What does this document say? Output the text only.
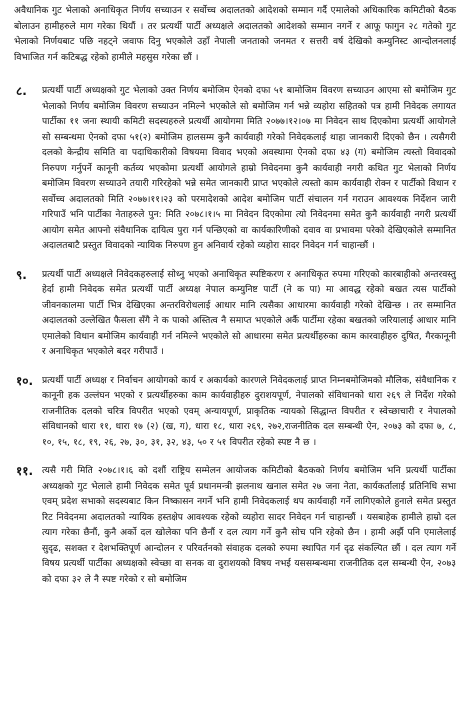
अवैधानिक गुट भेलाको अनाधिकृत निर्णय सच्याउन र सर्वोच्च अदालतको आदेशको सम्मान गर्दै एमालेको अधिकारिक कमिटीको बैठक बोलाउन हामीहरुले माग गरेका थियौं । तर प्रत्यर्थी पार्टी अध्यक्षले अदालतको आदेशको सम्मान नगर्ने र आफू फागुन २८ गतेको गुट भेलाको निर्णयबाट पछि नहट्ने जवाफ दिनु भएकोले उहाँ नेपाली जनताको जनमत र सत्तरी वर्ष देखिको कम्युनिस्ट आन्दोलनलाई विभाजित गर्न कटिबद्ध रहेको हामीले महसुस गरेका छौं ।

८.	प्रत्यर्थी पार्टी अध्यक्षको गुट भेलाको उक्त निर्णय बमोजिम ऐनको दफा ५१ बामोजिम विवरण सच्याउन आएमा सो बमोजिम गुट भेलाको निर्णय बमोजिम विवरण सच्याउन नमिल्ने भएकोले सो बमोजिम गर्न भन्ने व्यहोरा सहितको पत्र हामी निवेदक लगायत पार्टीका ११ जना स्थायी कमिटी सदस्यहरुले प्रत्यर्थी आयोगमा मिति २०७७।१२।०७ मा निवेदन साथ दिएकोमा प्रत्यर्थी आयोगले सो सम्बन्धमा ऐनको दफा ५१(२) बमोजिम हालसम्म कुनै कार्यवाही गरेको निवेदकलाई थाहा जानकारी दिएको छैन । त्यसैगरी दलको केन्द्रीय समिति वा पदाधिकारीको विषयमा विवाद भएको अवस्थामा ऐनको दफा ४३ (ग) बमोजिम त्यस्तो विवादको निरुपण गर्नुपर्ने कानूनी कर्तव्य भएकोमा प्रत्यर्थी आयोगले हाम्रो निवेदनमा कुनै कार्यवाही नगरी कथित गुट भेलाको निर्णय बमोजिम विवरण सच्याउने तयारी गरिरहेको भन्ने समेत जानकारी प्राप्त भएकोले त्यस्तो काम कार्यवाही रोक्न र पार्टीको विधान र सर्वोच्च अदालतको मिति २०७७।११।२३ को परमादेशको आदेश बमोजिम पार्टी संचालन गर्न गराउन आवश्यक निर्देशन जारी गरिपाउँ भनि पार्टीका नेताहरुले पुन: मिति २०७८।१।५ मा निवेदन दिएकोमा त्यो निवेदनमा समेत कुनै कार्यवाही नगरी प्रत्यर्थी आयोग समेत आफ्नो संवैधानिक दायित्व पुरा गर्न पन्छिएको वा कार्यकारिणीको दवाव वा प्रभावमा परेको देखिएकोले सम्मानित अदालतबाटै प्रस्तुत विवादको न्यायिक निरुपण हुन अनिवार्य रहेको व्यहोरा सादर निवेदन गर्न चाहान्छौं ।
९.	प्रत्यर्थी पार्टी अध्यक्षले निवेदकहरुलाई सोध्नु भएको अनाधिकृत स्पष्टिकरण र अनाधिकृत रुपमा गरिएको कारबाहीको अन्तरवस्तु हेर्दा हामी निवेदक समेत प्रत्यर्थी पार्टी अध्यक्ष नेपाल कम्युनिष्ट पार्टी (ने क पा) मा आवद्ध रहेको बखत त्यस पार्टीको जीवनकालमा पार्टी भित्र देखिएका अन्तरविरोधलाई आधार मानि त्यसैका आधारमा कार्यवाही गरेको देखिन्छ । तर सम्मानित अदालतको उल्लेखित फैसला सँगै ने क पाको अस्तित्व नै समाप्त भएकोले अर्कै पार्टीमा रहेका बखतको जरियालाई आधार मानि एमालेको विधान बमोजिम कार्यवाही गर्न नमिल्ने भएकोले सो आधारमा समेत प्रत्यर्थीहरुका काम कारवाहीहरु दुषित, गैरकानूनी र अनाधिकृत भएकोले बदर गरीपाउँ ।
१०. प्रत्यर्थी पार्टी अध्यक्ष र निर्वाचन आयोगको कार्य र अकार्यको कारणले निवेदकलाई प्राप्त निम्नबमोजिमको मौलिक, संवैधानिक र कानूनी हक उल्लंघन भएको र प्रत्यर्थीहरुका काम कार्यवाहीहरु दुराशयपूर्ण, नेपालको संविधानको धारा २६९ ले निर्देश गरेको राजनीतिक दलको चरित्र विपरीत भएको एवम् अन्यायपूर्ण, प्राकृतिक न्यायको सिद्धान्त विपरीत र स्वेच्छाचारी र नेपालको संविधानको धारा ११, धारा १७ (२) (ख, ग), धारा १८, धारा २६९, २७२,राजनीतिक दल सम्बन्धी ऐन, २०७३ को दफा ७, ८, १०, १५, १८, १९, २६, २७, ३०, ३१, ३२, ४३, ५० र ५१ विपरीत रहेको स्पष्ट नै छ ।
११. त्यसै गरी मिति २०७८।१।६ को दशौं राष्ट्रिय सम्मेलन आयोजक कमिटीको बैठकको निर्णय बमोजिम भनि प्रत्यर्थी पार्टीका अध्यक्षको गुट भेलाले हामी निवेदक समेत पूर्व प्रधानमन्त्री झलनाथ खनाल समेत २७ जना नेता, कार्यकर्तालाई प्रतिनिधि सभा एवम् प्रदेश सभाको सदस्यबाट किन निष्कासन नगर्ने भनि हामी निवेदकलाई थप कार्यवाही गर्ने लागिएकोले हुनाले समेत प्रस्तुत रिट निवेदनमा अदालतको न्यायिक हस्तक्षेप आवश्यक रहेको व्यहोरा सादर निवेदन गर्न चाहान्छौं । यसबाहेक हामीले हाम्रो दल त्याग गरेका छैनौं, कुनै अर्को दल खोलेका पनि छैनौं र दल त्याग गर्ने कुनै सोच पनि रहेको छैन । हामी अर्झै पनि एमालेलाई सुदृढ, सशक्त र देशभक्तिपूर्ण आन्दोलन र परिवर्तनको संवाहक दलको रुपमा स्थापित गर्न दृढ संकल्पित छौं । दल त्याग गर्ने विषय प्रत्यर्थी पार्टीका अध्यक्षको स्वेच्छा वा सनक वा दुराशयको विषय नभई यससम्बन्धमा राजनीतिक दल सम्बन्धी ऐन, २०७३ को दफा ३२ ले नै स्पष्ट गरेको र सो बमोजिम
